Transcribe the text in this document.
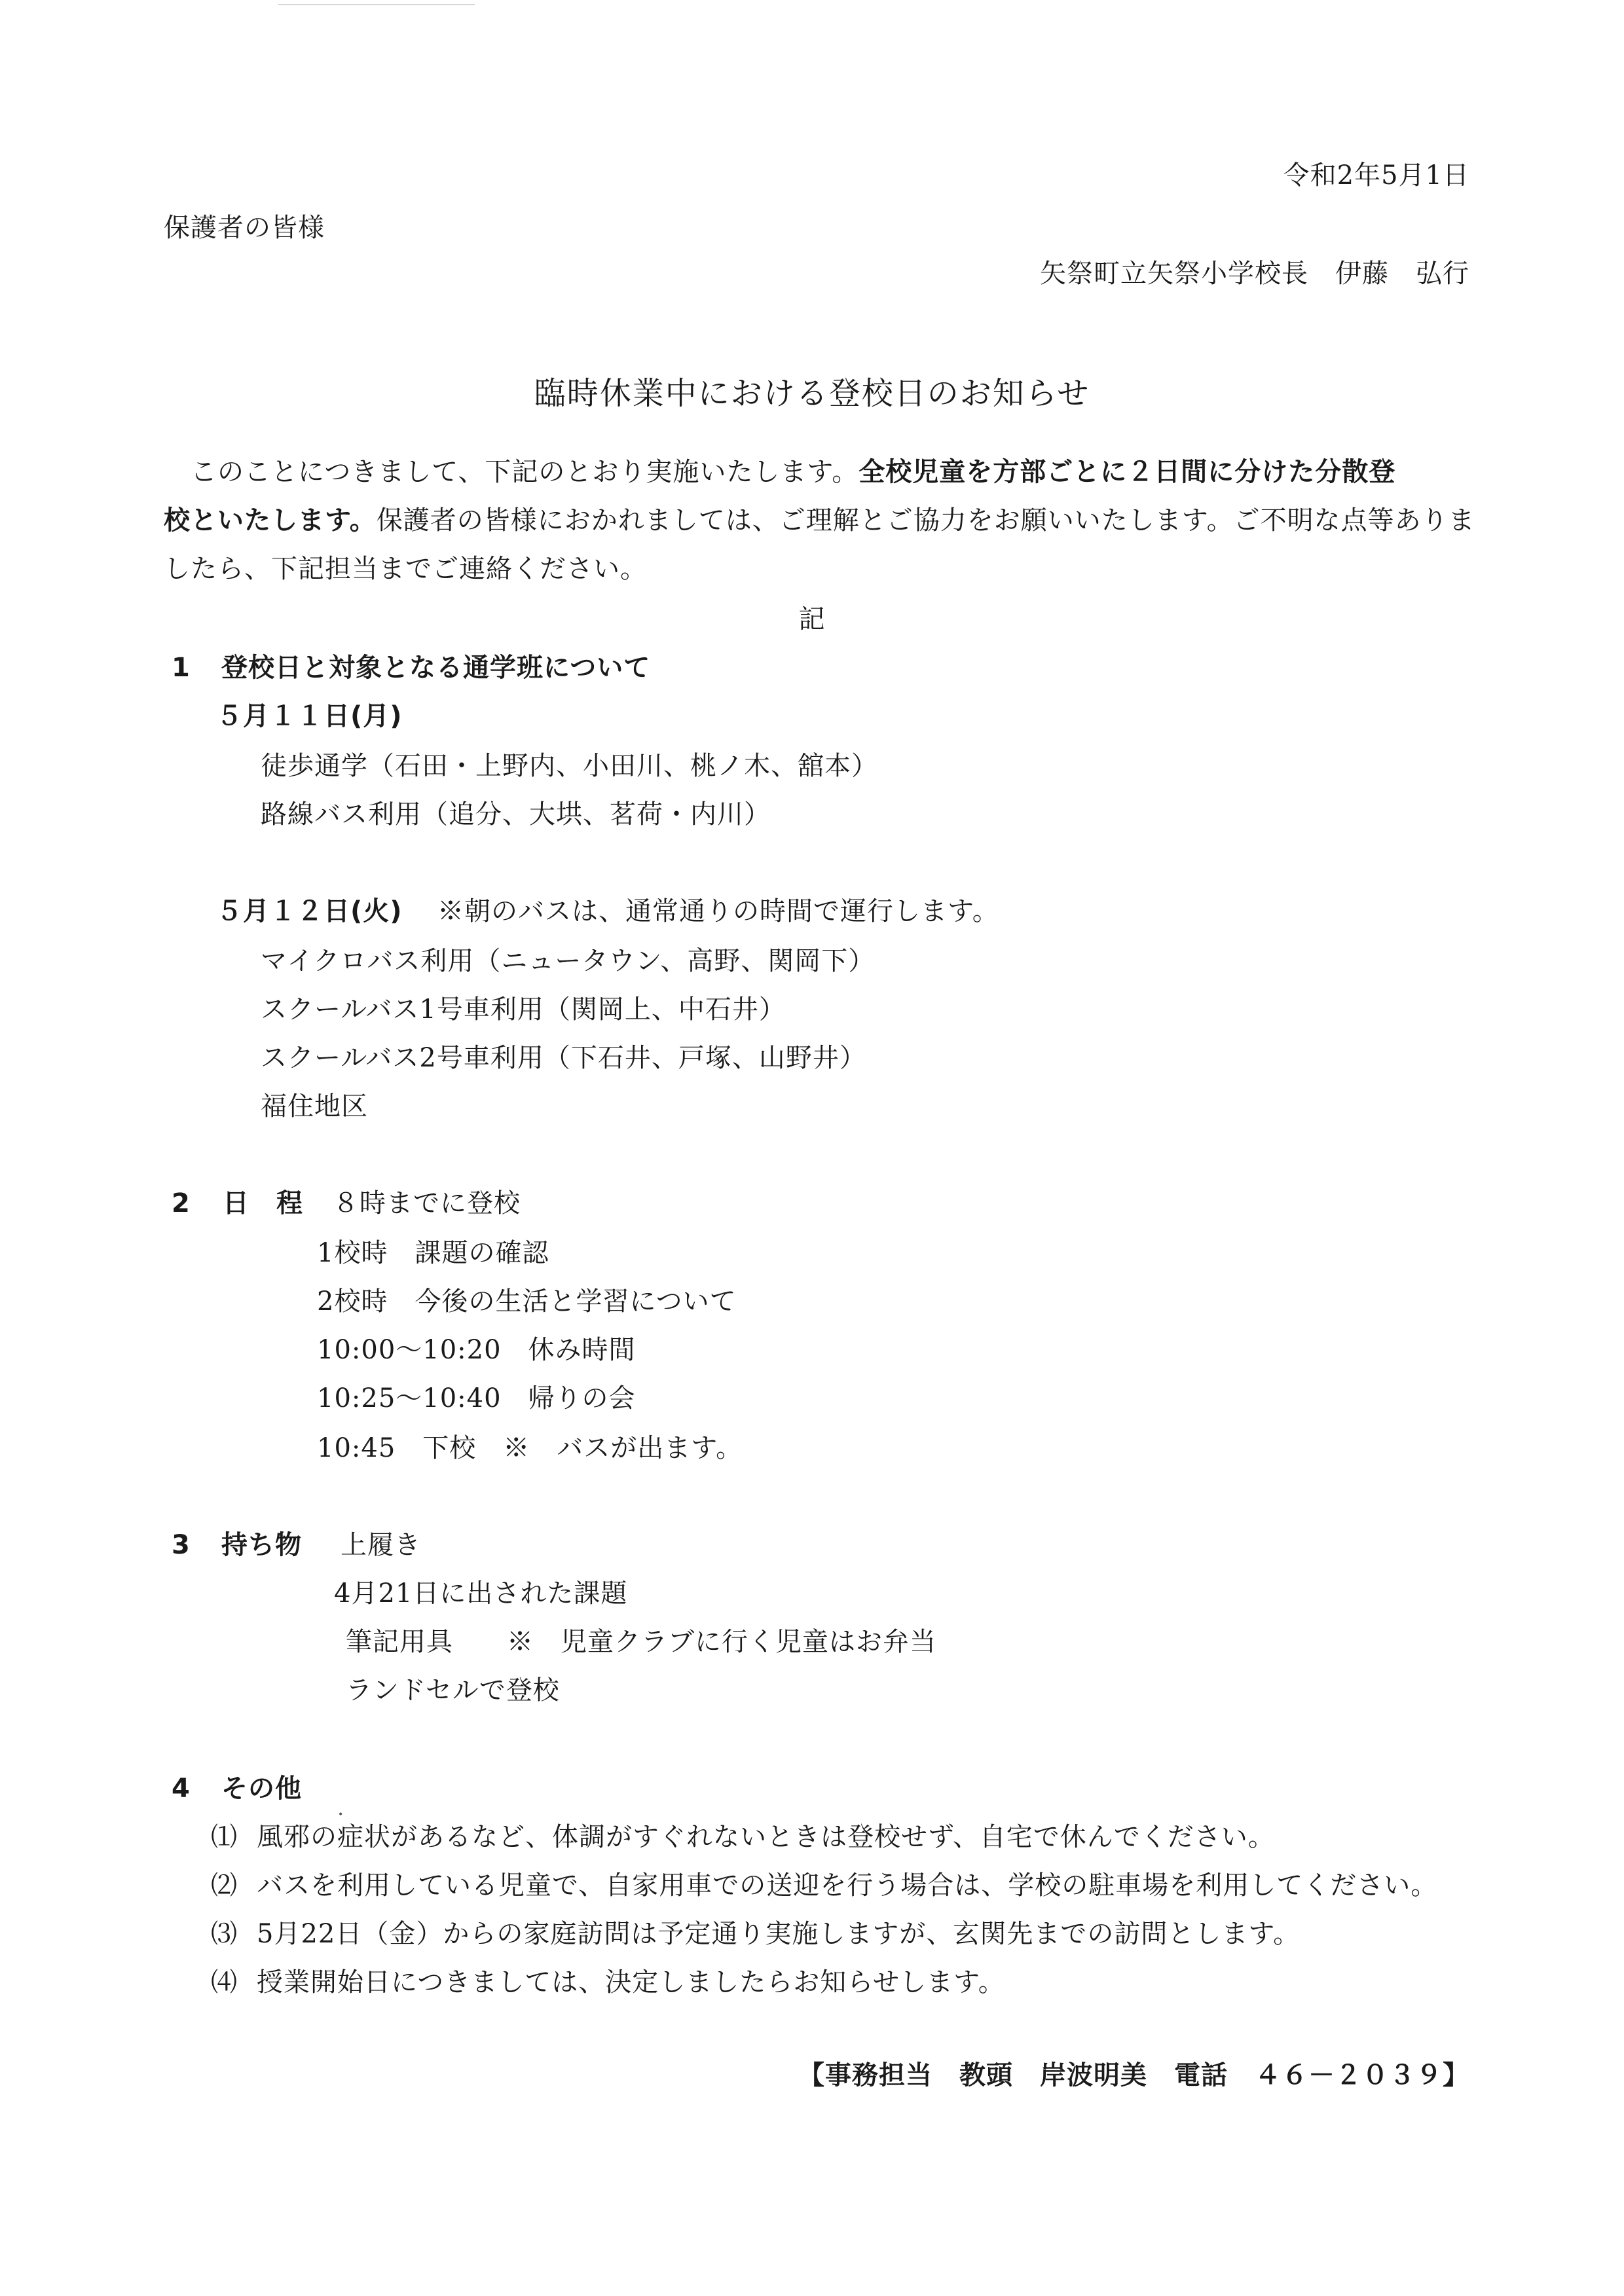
令和2年5月1日
保護者の皆様
矢祭町立矢祭小学校長　伊藤　弘行
臨時休業中における登校日のお知らせ

　このことにつきまして、下記のとおり実施いたします。全校児童を方部ごとに２日間に分けた分散登

校といたします。保護者の皆様におかれましては、ご理解とご協力をお願いいたします。ご不明な点等ありま

したら、下記担当までご連絡ください。

記
1 登校日と対象となる通学班について
５月１１日(月)
徒歩通学（石田・上野内、小田川、桃ノ木、舘本）
路線バス利用（追分、大垬、茗荷・内川）
５月１２日(火) ※朝のバスは、通常通りの時間で運行します。
マイクロバス利用（ニュータウン、高野、関岡下）
スクールバス1号車利用（関岡上、中石井）
スクールバス2号車利用（下石井、戸塚、山野井）
福住地区
2 日　程 ８時までに登校
1校時　課題の確認
2校時　今後の生活と学習について
10:00～10:20　休み時間
10:25～10:40　帰りの会
10:45　下校　※　バスが出ます。
3 持ち物 上履き
4月21日に出された課題
筆記用具　　※　児童クラブに行く児童はお弁当
ランドセルで登校
4 その他
•
⑴ 風邪の症状があるなど、体調がすぐれないときは登校せず、自宅で休んでください。
⑵ バスを利用している児童で、自家用車での送迎を行う場合は、学校の駐車場を利用してください。
⑶ 5月22日（金）からの家庭訪問は予定通り実施しますが、玄関先までの訪問とします。
⑷ 授業開始日につきましては、決定しましたらお知らせします。
【事務担当　教頭　岸波明美　電話　４６－２０３９】
